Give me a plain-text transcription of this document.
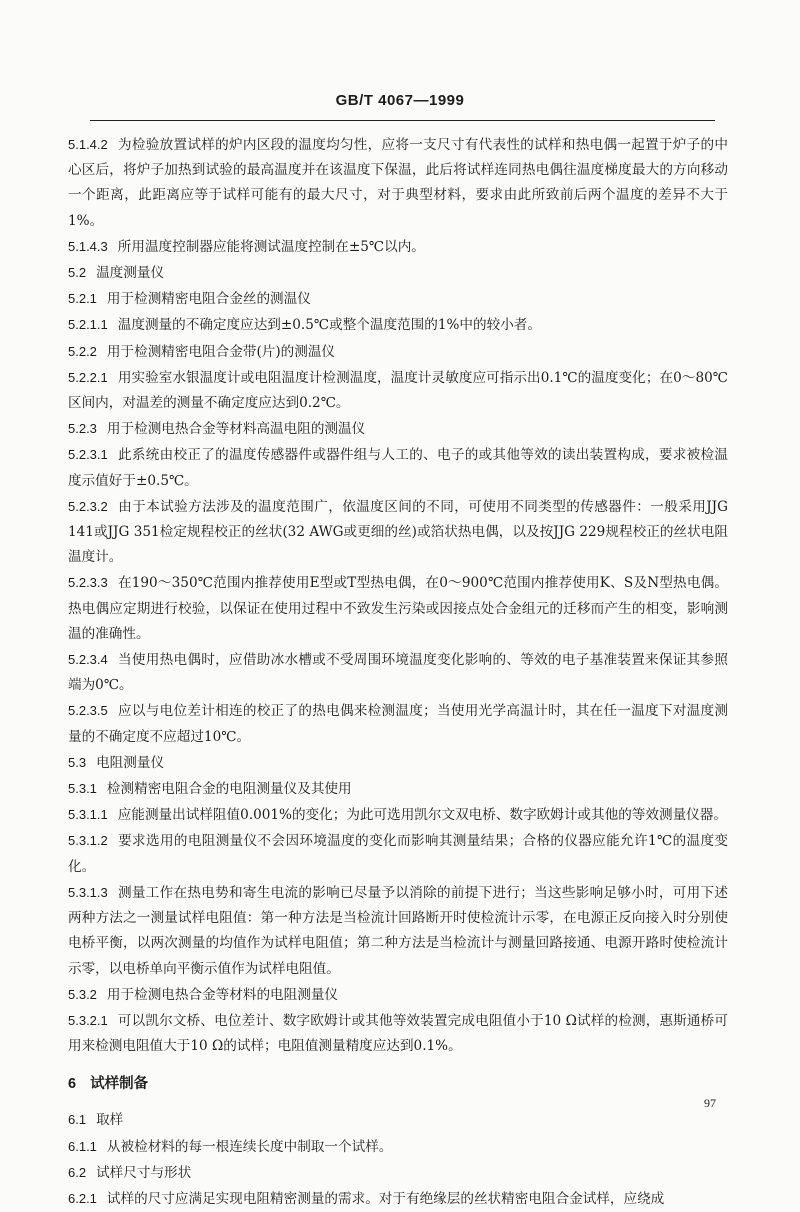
GB/T 4067—1999

5.1.4.2 为检验放置试样的炉内区段的温度均匀性，应将一支尺寸有代表性的试样和热电偶一起置于炉子的中心区后，将炉子加热到试验的最高温度并在该温度下保温，此后将试样连同热电偶往温度梯度最大的方向移动一个距离，此距离应等于试样可能有的最大尺寸，对于典型材料，要求由此所致前后两个温度的差异不大于1%。

5.1.4.3 所用温度控制器应能将测试温度控制在±5℃以内。

5.2 温度测量仪

5.2.1 用于检测精密电阻合金丝的测温仪

5.2.1.1 温度测量的不确定度应达到±0.5℃或整个温度范围的1%中的较小者。

5.2.2 用于检测精密电阻合金带(片)的测温仪

5.2.2.1 用实验室水银温度计或电阻温度计检测温度，温度计灵敏度应可指示出0.1℃的温度变化；在0～80℃区间内，对温差的测量不确定度应达到0.2℃。

5.2.3 用于检测电热合金等材料高温电阻的测温仪

5.2.3.1 此系统由校正了的温度传感器件或器件组与人工的、电子的或其他等效的读出装置构成，要求被检温度示值好于±0.5℃。

5.2.3.2 由于本试验方法涉及的温度范围广，依温度区间的不同，可使用不同类型的传感器件：一般采用JJG 141或JJG 351检定规程校正的丝状(32 AWG或更细的丝)或箔状热电偶，以及按JJG 229规程校正的丝状电阻温度计。

5.2.3.3 在190～350℃范围内推荐使用E型或T型热电偶，在0～900℃范围内推荐使用K、S及N型热电偶。热电偶应定期进行校验，以保证在使用过程中不致发生污染或因接点处合金组元的迁移而产生的相变，影响测温的准确性。

5.2.3.4 当使用热电偶时，应借助冰水槽或不受周围环境温度变化影响的、等效的电子基准装置来保证其参照端为0℃。

5.2.3.5 应以与电位差计相连的校正了的热电偶来检测温度；当使用光学高温计时，其在任一温度下对温度测量的不确定度不应超过10℃。

5.3 电阻测量仪

5.3.1 检测精密电阻合金的电阻测量仪及其使用

5.3.1.1 应能测量出试样阻值0.001%的变化；为此可选用凯尔文双电桥、数字欧姆计或其他的等效测量仪器。

5.3.1.2 要求选用的电阻测量仪不会因环境温度的变化而影响其测量结果；合格的仪器应能允许1℃的温度变化。

5.3.1.3 测量工作在热电势和寄生电流的影响已尽量予以消除的前提下进行；当这些影响足够小时，可用下述两种方法之一测量试样电阻值：第一种方法是当检流计回路断开时使检流计示零，在电源正反向接入时分别使电桥平衡，以两次测量的均值作为试样电阻值；第二种方法是当检流计与测量回路接通、电源开路时使检流计示零，以电桥单向平衡示值作为试样电阻值。

5.3.2 用于检测电热合金等材料的电阻测量仪

5.3.2.1 可以凯尔文桥、电位差计、数字欧姆计或其他等效装置完成电阻值小于10 Ω试样的检测，惠斯通桥可用来检测电阻值大于10 Ω的试样；电阻值测量精度应达到0.1%。

6 试样制备

6.1 取样

6.1.1 从被检材料的每一根连续长度中制取一个试样。

6.2 试样尺寸与形状

6.2.1 试样的尺寸应满足实现电阻精密测量的需求。对于有绝缘层的丝状精密电阻合金试样，应绕成

97
